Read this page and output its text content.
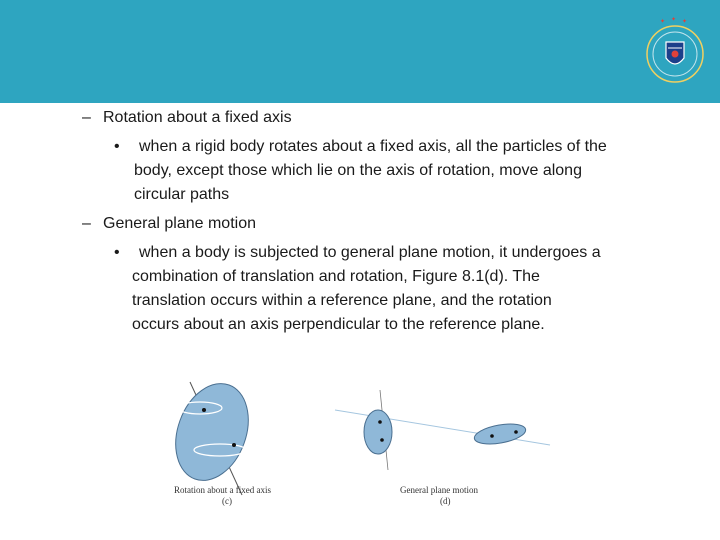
✦ ✦ ✦
– Rotation about a fixed axis
• when a rigid body rotates about a fixed axis, all the particles of the
body, except those which lie on the axis of rotation, move along
circular paths
– General plane motion
• when a body is subjected to general plane motion, it undergoes a
combination of translation and rotation, Figure 8.1(d). The
translation occurs within a reference plane, and the rotation
occurs about an axis perpendicular to the reference plane.
Rotation about a fixed axis
(c)
General plane motion
(d)
